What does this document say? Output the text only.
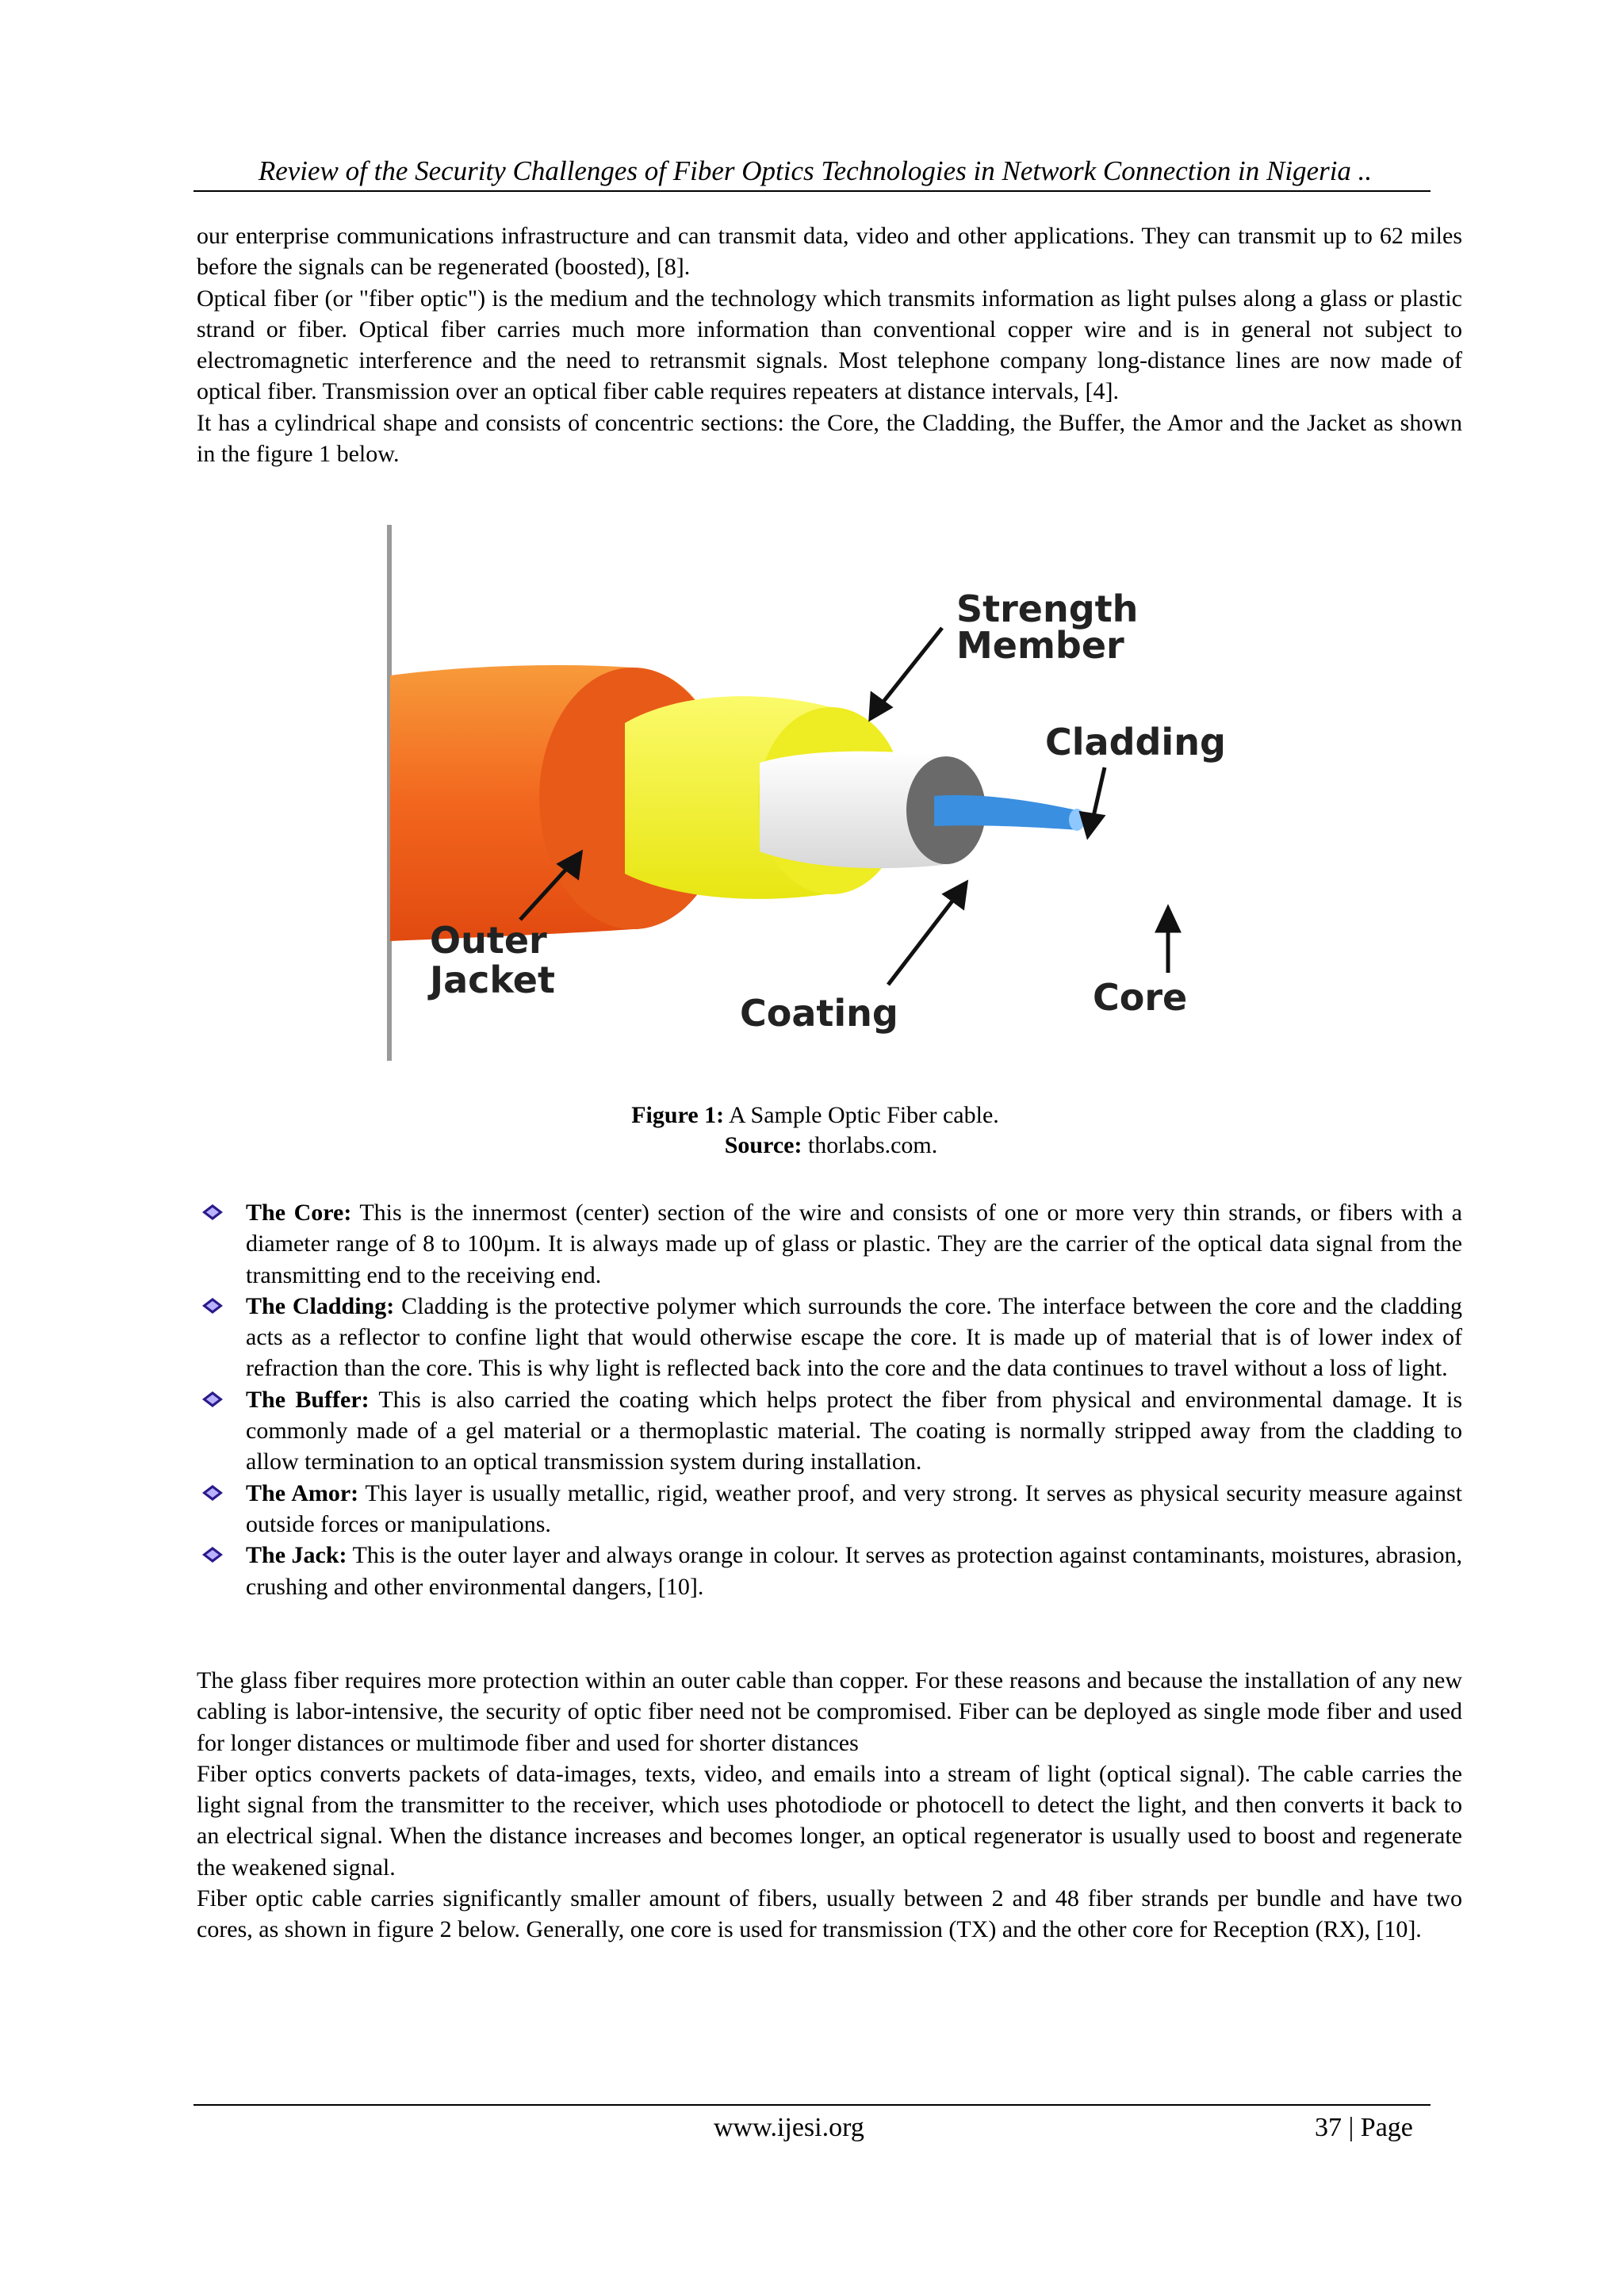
Review of the Security Challenges of Fiber Optics Technologies in Network Connection in Nigeria ..

our enterprise communications infrastructure and can transmit data, video and other applications. They can transmit up to 62 miles before the signals can be regenerated (boosted), [8].

Optical fiber (or "fiber optic") is the medium and the technology which transmits information as light pulses along a glass or plastic strand or fiber. Optical fiber carries much more information than conventional copper wire and is in general not subject to electromagnetic interference and the need to retransmit signals. Most telephone company long-distance lines are now made of optical fiber. Transmission over an optical fiber cable requires repeaters at distance intervals, [4].

It has a cylindrical shape and consists of concentric sections: the Core, the Cladding, the Buffer, the Amor and the Jacket as shown in the figure 1 below.

Strength
Member
Cladding
Outer
Jacket
Coating	Core
Figure 1: A Sample Optic Fiber cable.
Source: thorlabs.com.

The Core: This is the innermost (center) section of the wire and consists of one or more very thin strands, or fibers with a diameter range of 8 to 100µm. It is always made up of glass or plastic. They are the carrier of the optical data signal from the transmitting end to the receiving end.

The Cladding: Cladding is the protective polymer which surrounds the core. The interface between the core and the cladding acts as a reflector to confine light that would otherwise escape the core. It is made up of material that is of lower index of refraction than the core. This is why light is reflected back into the core and the data continues to travel without a loss of light.

The Buffer: This is also carried the coating which helps protect the fiber from physical and environmental damage. It is commonly made of a gel material or a thermoplastic material. The coating is normally stripped away from the cladding to allow termination to an optical transmission system during installation.

The Amor: This layer is usually metallic, rigid, weather proof, and very strong. It serves as physical security measure against outside forces or manipulations.

The Jack: This is the outer layer and always orange in colour. It serves as protection against contaminants, moistures, abrasion, crushing and other environmental dangers, [10].

The glass fiber requires more protection within an outer cable than copper. For these reasons and because the installation of any new cabling is labor-intensive, the security of optic fiber need not be compromised. Fiber can be deployed as single mode fiber and used for longer distances or multimode fiber and used for shorter distances

Fiber optics converts packets of data-images, texts, video, and emails into a stream of light (optical signal). The cable carries the light signal from the transmitter to the receiver, which uses photodiode or photocell to detect the light, and then converts it back to an electrical signal. When the distance increases and becomes longer, an optical regenerator is usually used to boost and regenerate the weakened signal.

Fiber optic cable carries significantly smaller amount of fibers, usually between 2 and 48 fiber strands per bundle and have two cores, as shown in figure 2 below. Generally, one core is used for transmission (TX) and the other core for Reception (RX), [10].

www.ijesi.org	37 | Page
